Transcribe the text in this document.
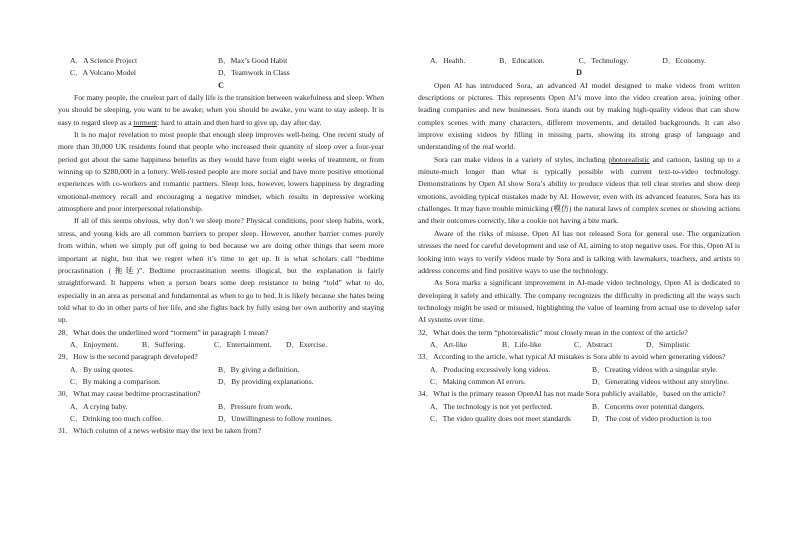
A．A Science Project	B．Max’s Good Habit
C．A Volcano Model	D．Teamwork in Class

C

For many people, the cruelest part of daily life is the transition between wakefulness and sleep. When you should be sleeping, you want to be awake; when you should be awake, you want to stay asleep. It is easy to regard sleep as a torment: hard to attain and then hard to give up, day after day.

It is no major revelation to most people that enough sleep improves well-being. One recent study of more than 30,000 UK residents found that people who increased their quantity of sleep over a four-year period got about the same happiness benefits as they would have from eight weeks of treatment, or from winning up to $280,000 in a lottery. Well-rested people are more social and have more positive emotional experiences with co-workers and romantic partners. Sleep loss, however, lowers happiness by degrading emotional-memory recall and encouraging a negative mindset, which results in depressive working atmosphere and poor interpersonal relationship.

If all of this seems obvious, why don’t we sleep more? Physical conditions, poor sleep habits, work, stress, and young kids are all common barriers to proper sleep. However, another barrier comes purely from within, when we simply put off going to bed because we are doing other things that seem more important at night, but that we regret when it’s time to get up. It is what scholars call “bedtime procrastination (拖延)”. Bedtime procrastination seems illogical, but the explanation is fairly straightforward. It happens when a person bears some deep resistance to being “told” what to do, especially in an area as personal and fundamental as when to go to bed. It is likely because she hates being told what to do in other parts of her life, and she fights back by fully using her own authority and staying up.

28．What does the underlined word “torment” in paragraph 1 mean?

A．Enjoyment.	B．Suffering.	C．Entertainment.	D．Exercise.

29．How is the second paragraph developed?

A．By using quotes.	B．By giving a definition.
C．By making a comparison.	D．By providing explanations.

30．What may cause bedtime procrastination?

A．A crying baby.	B．Pressure from work.
C．Drinking too much coffee.	D．Unwillingness to follow routines.

31．Which column of a news website may the text be taken from?

A．Health.	B．Education.	C．Technology.	D．Economy.

D

Open AI has introduced Sora, an advanced AI model designed to make videos from written descriptions or pictures. This represents Open AI’s move into the video creation area, joining other leading companies and new businesses. Sora stands out by making high-quality videos that can show complex scenes with many characters, different movements, and detailed backgrounds. It can also improve existing videos by filling in missing parts, showing its strong grasp of language and understanding of the real world.

Sora can make videos in a variety of styles, including photorealistic and cartoon, lasting up to a minute-much longer than what is typically possible with current text-to-video technology. Demonstrations by Open AI show Sora’s ability to produce videos that tell clear stories and show deep emotions, avoiding typical mistakes made by AI. However, even with its advanced features, Sora has its challenges. It may have trouble mimicking (模仿) the natural laws of complex scenes or showing actions and their outcomes correctly, like a cookie not having a bite mark.

Aware of the risks of misuse, Open AI has not released Sora for general use. The organization stresses the need for careful development and use of AI, aiming to stop negative uses. For this, Open AI is looking into ways to verify videos made by Sora and is talking with lawmakers, teachers, and artists to address concerns and find positive ways to use the technology.

As Sora marks a significant improvement in AI-made video technology, Open AI is dedicated to developing it safely and ethically. The company recognizes the difficulty in predicting all the ways such technology might be used or misused, highlighting the value of learning from actual use to develop safer AI systems over time.

32．What does the term “photorealistic” most closely mean in the context of the article?

A．Art-like	B．Life-like	C．Abstract	D．Simplistic

33．According to the article, what typical AI mistakes is Sora able to avoid when generating videos?

A．Producing excessively long videos.	B．Creating videos with a singular style.
C．Making common AI errors.	D．Generating videos without any storyline.

34．What is the primary reason OpenAI has not made Sora publicly available，based on the article?

A．The technology is not yet perfected.	B．Concerns over potential dangers.
C．The video quality does not meet standards	D．The cost of video production is too
